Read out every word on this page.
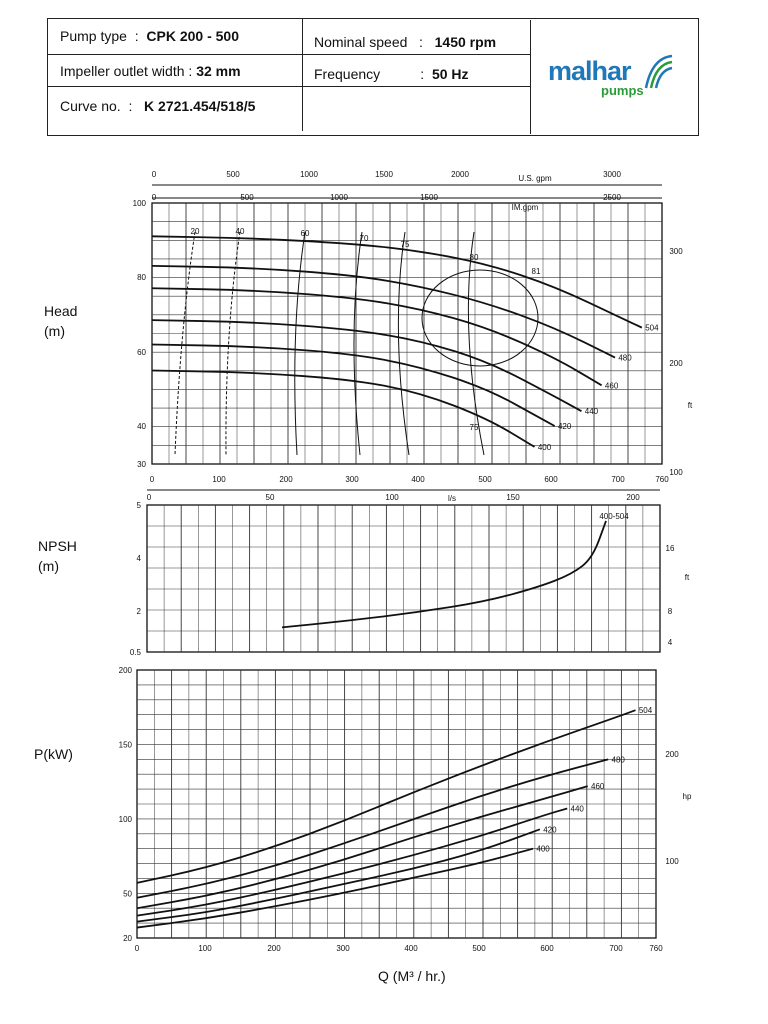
Pump type  :  CPK 200 - 500
Impeller outlet width : 32 mm
Curve no.  :   K 2721.454/518/5
Nominal speed   :   1450 rpm
Frequency	:  50 Hz	malhar
pumps
Head
(m)
NPSH
(m)
P(kW)
Q (M³ / hr.)
0	500	1000	1500	2000	3000
U.S. gpm
0	500	1000	1500	2500
IM.gpm
30
40
60
80
100
100
200
300
ft
0	100	200	300	400	500	600	700	760
20	40	60
70
75
80
81
75
504
480
460
440
420
400
0	50	100	150	200
l/s
0.5
2
4
5
4
8
16
ft
400-504
20
50
100
150
200
100
200
hp
0	100	200	300	400	500	600	700	760
504
480
460
440
420
400
